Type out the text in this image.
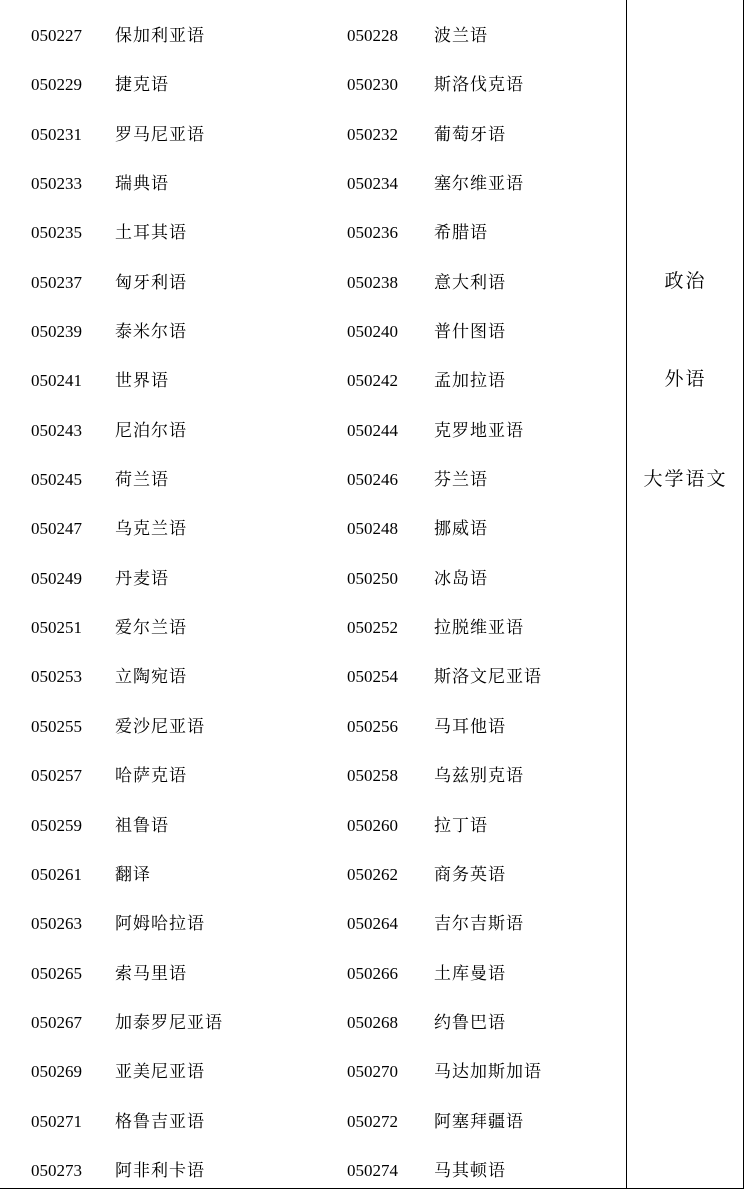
050227 保加利亚语	050228 波兰语
050229 捷克语	050230 斯洛伐克语
050231 罗马尼亚语	050232 葡萄牙语
050233 瑞典语	050234 塞尔维亚语
050235 土耳其语	050236 希腊语
050237 匈牙利语	050238 意大利语
050239 泰米尔语	050240 普什图语
050241 世界语	050242 孟加拉语
050243 尼泊尔语	050244 克罗地亚语
050245 荷兰语	050246 芬兰语
050247 乌克兰语	050248 挪威语
050249 丹麦语	050250 冰岛语
050251 爱尔兰语	050252 拉脱维亚语
050253 立陶宛语	050254 斯洛文尼亚语
050255 爱沙尼亚语	050256 马耳他语
050257 哈萨克语	050258 乌兹别克语
050259 祖鲁语	050260 拉丁语
050261 翻译	050262 商务英语
050263 阿姆哈拉语	050264 吉尔吉斯语
050265 索马里语	050266 土库曼语
050267 加泰罗尼亚语	050268 约鲁巴语
050269 亚美尼亚语	050270 马达加斯加语
050271 格鲁吉亚语	050272 阿塞拜疆语
050273 阿非利卡语	050274 马其顿语
政治
外语
大学语文
